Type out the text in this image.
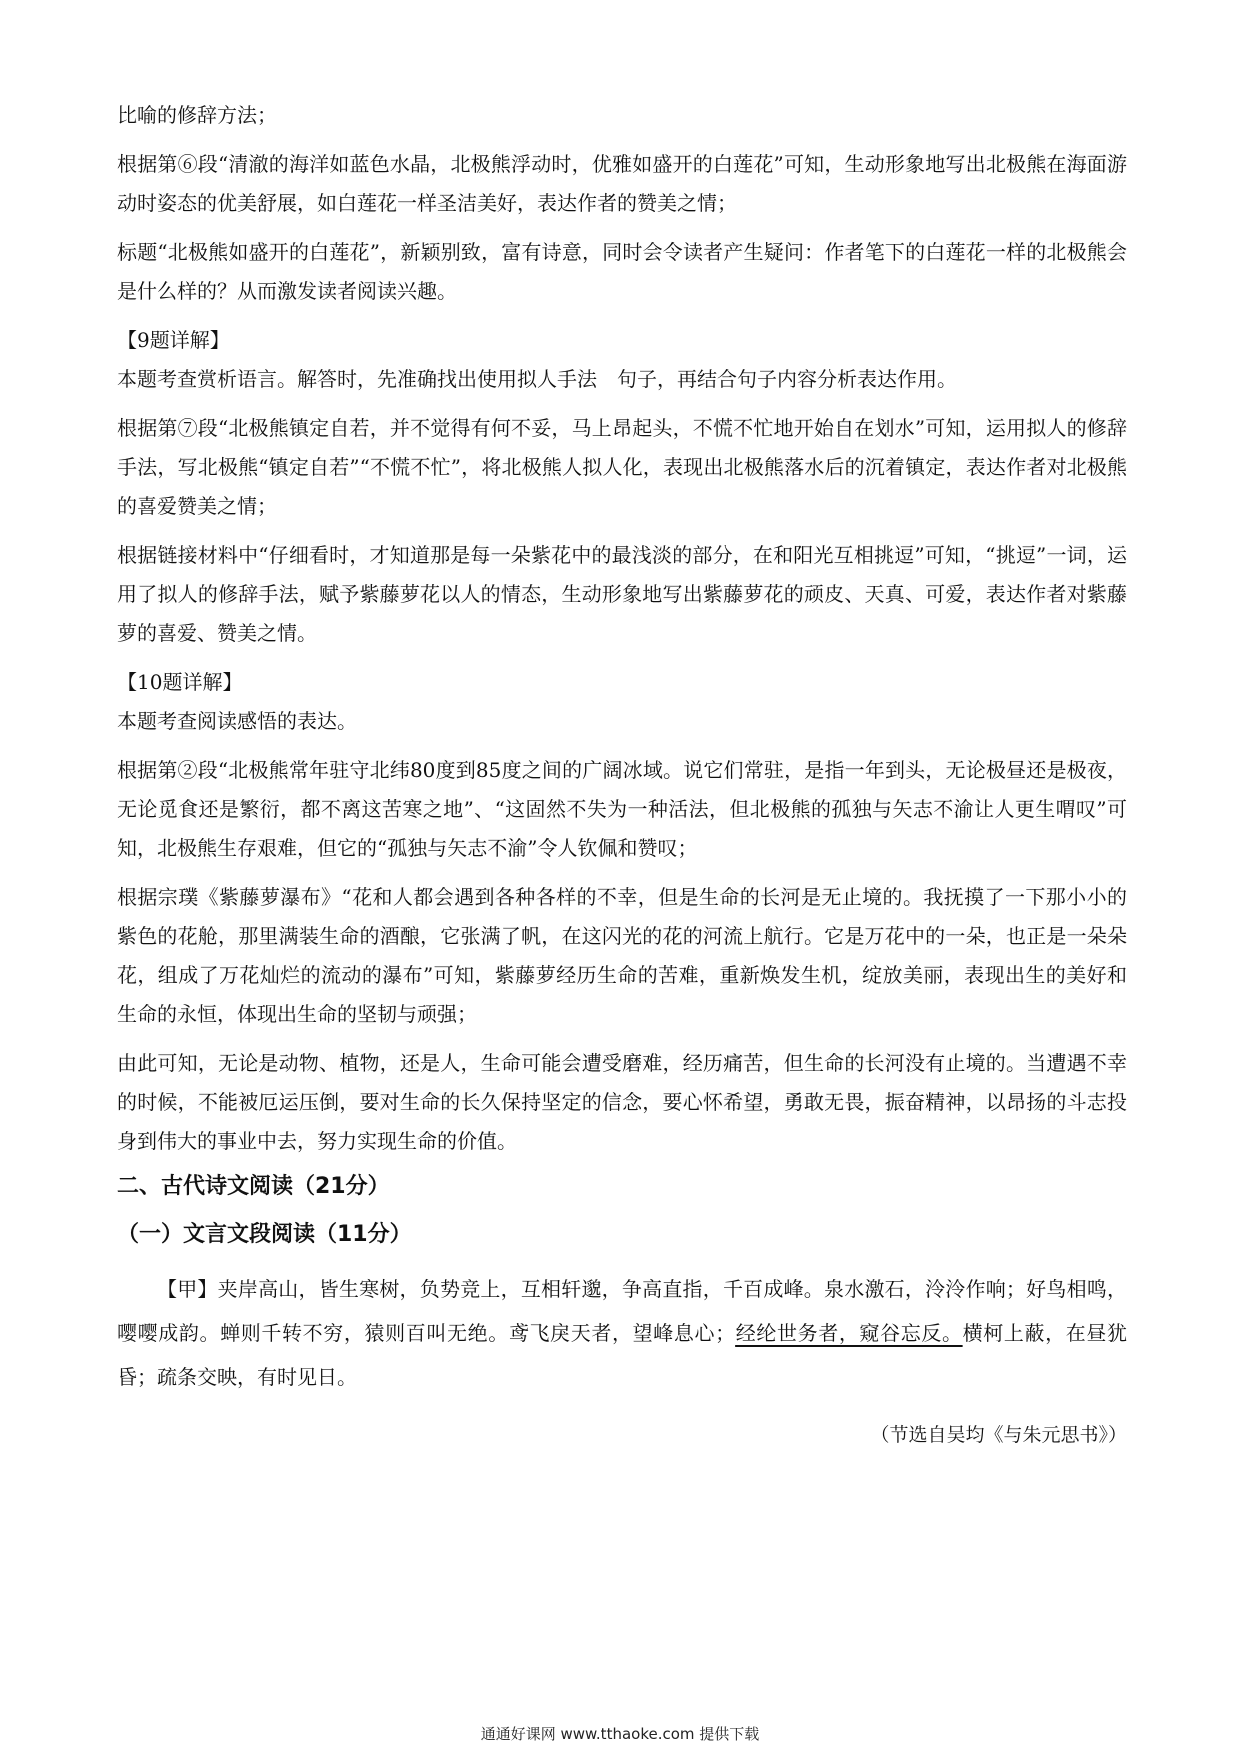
比喻的修辞方法；

根据第⑥段“清澈的海洋如蓝色水晶，北极熊浮动时，优雅如盛开的白莲花”可知，生动形象地写出北极熊在海面游动时姿态的优美舒展，如白莲花一样圣洁美好，表达作者的赞美之情；

标题“北极熊如盛开的白莲花”，新颖别致，富有诗意，同时会令读者产生疑问：作者笔下的白莲花一样的北极熊会是什么样的？从而激发读者阅读兴趣。

【9题详解】

本题考查赏析语言。解答时，先准确找出使用拟人手法　句子，再结合句子内容分析表达作用。

根据第⑦段“北极熊镇定自若，并不觉得有何不妥，马上昂起头，不慌不忙地开始自在划水”可知，运用拟人的修辞手法，写北极熊“镇定自若”“不慌不忙”，将北极熊人拟人化，表现出北极熊落水后的沉着镇定，表达作者对北极熊的喜爱赞美之情；

根据链接材料中“仔细看时，才知道那是每一朵紫花中的最浅淡的部分，在和阳光互相挑逗”可知，“挑逗”一词，运用了拟人的修辞手法，赋予紫藤萝花以人的情态，生动形象地写出紫藤萝花的顽皮、天真、可爱，表达作者对紫藤萝的喜爱、赞美之情。

【10题详解】

本题考查阅读感悟的表达。

根据第②段“北极熊常年驻守北纬80度到85度之间的广阔冰域。说它们常驻，是指一年到头，无论极昼还是极夜，无论觅食还是繁衍，都不离这苦寒之地”、“这固然不失为一种活法，但北极熊的孤独与矢志不渝让人更生喟叹”可知，北极熊生存艰难，但它的“孤独与矢志不渝”令人钦佩和赞叹；

根据宗璞《紫藤萝瀑布》“花和人都会遇到各种各样的不幸，但是生命的长河是无止境的。我抚摸了一下那小小的紫色的花舱，那里满装生命的酒酿，它张满了帆，在这闪光的花的河流上航行。它是万花中的一朵，也正是一朵朵花，组成了万花灿烂的流动的瀑布”可知，紫藤萝经历生命的苦难，重新焕发生机，绽放美丽，表现出生的美好和生命的永恒，体现出生命的坚韧与顽强；

由此可知，无论是动物、植物，还是人，生命可能会遭受磨难，经历痛苦，但生命的长河没有止境的。当遭遇不幸的时候，不能被厄运压倒，要对生命的长久保持坚定的信念，要心怀希望，勇敢无畏，振奋精神，以昂扬的斗志投身到伟大的事业中去，努力实现生命的价值。

二、古代诗文阅读（21分）
（一）文言文段阅读（11分）
【甲】夹岸高山，皆生寒树，负势竞上，互相轩邈，争高直指，千百成峰。泉水激石，泠泠作响；好鸟相鸣，嘤嘤成韵。蝉则千转不穷，猿则百叫无绝。鸢飞戾天者，望峰息心；经纶世务者，窥谷忘反。横柯上蔽，在昼犹昏；疏条交映，有时见日。
（节选自吴均《与朱元思书》）
通通好课网 www.tthaoke.com 提供下载
